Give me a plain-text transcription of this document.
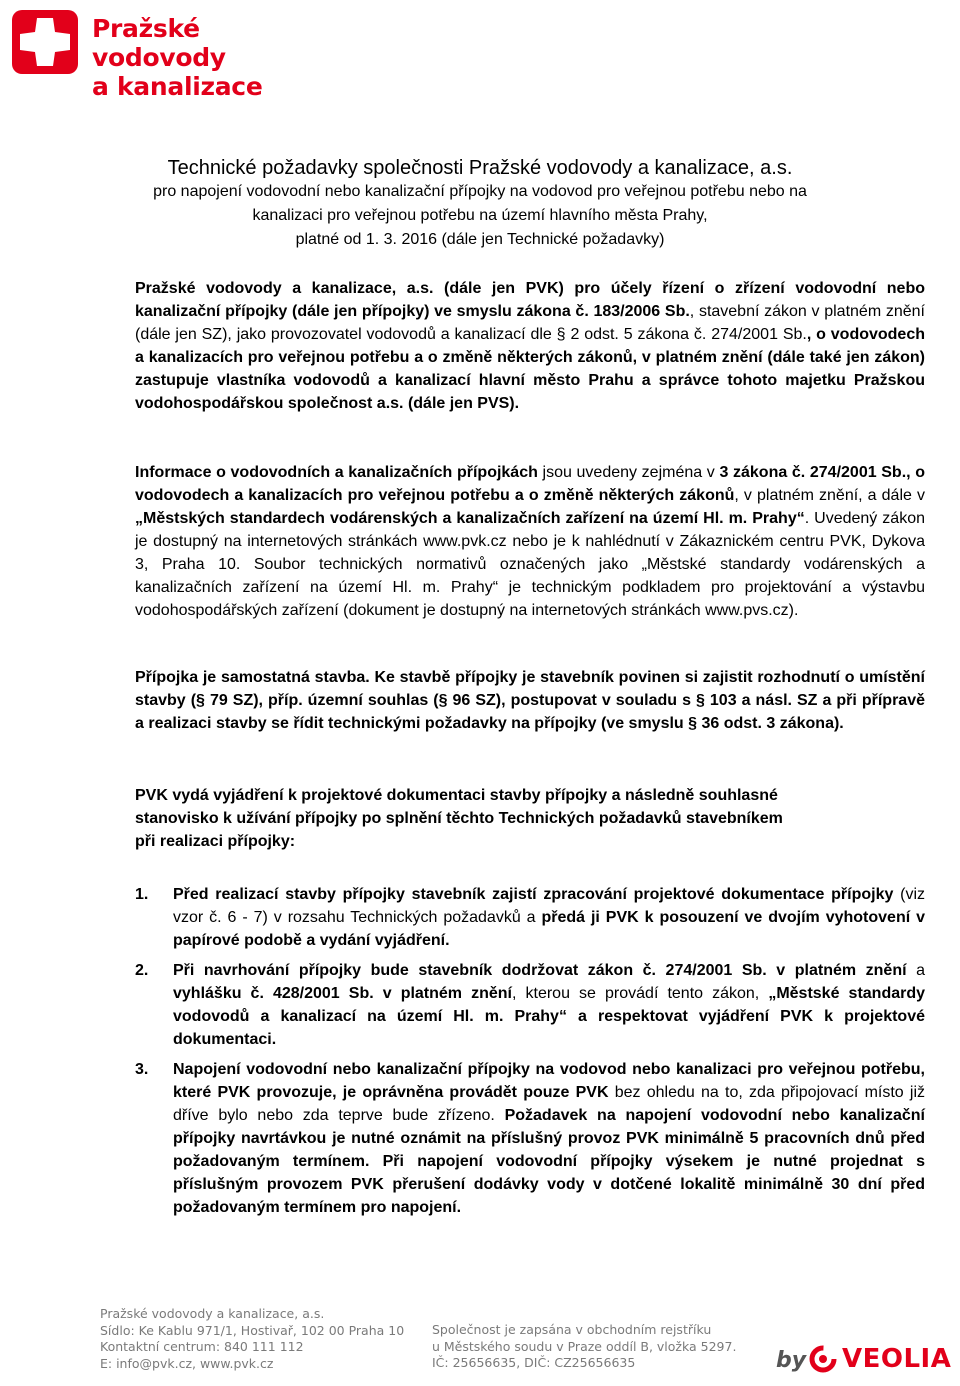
Pražské vodovody
a kanalizace
Technické požadavky společnosti Pražské vodovody a kanalizace, a.s.
pro napojení vodovodní nebo kanalizační přípojky na vodovod pro veřejnou potřebu nebo na
kanalizaci pro veřejnou potřebu na území hlavního města Prahy,
platné od 1. 3. 2016 (dále jen Technické požadavky)
Pražské vodovody a kanalizace, a.s. (dále jen PVK) pro účely řízení o zřízení vodovodní nebo kanalizační přípojky (dále jen přípojky) ve smyslu zákona č. 183/2006 Sb., stavební zákon v platném znění (dále jen SZ), jako provozovatel vodovodů a kanalizací dle § 2 odst. 5 zákona č. 274/2001 Sb., o vodovodech a kanalizacích pro veřejnou potřebu a o změně některých zákonů, v platném znění (dále také jen zákon) zastupuje vlastníka vodovodů a kanalizací hlavní město Prahu a správce tohoto majetku Pražskou vodohospodářskou společnost a.s. (dále jen PVS).
Informace o vodovodních a kanalizačních přípojkách jsou uvedeny zejména v 3 zákona č. 274/2001 Sb., o vodovodech a kanalizacích pro veřejnou potřebu a o změně některých zákonů, v platném znění, a dále v „Městských standardech vodárenských a kanalizačních zařízení na území Hl. m. Prahy“. Uvedený zákon je dostupný na internetových stránkách www.pvk.cz nebo je k nahlédnutí v Zákaznickém centru PVK, Dykova 3, Praha 10. Soubor technických normativů označených jako „Městské standardy vodárenských a kanalizačních zařízení na území Hl. m. Prahy“ je technickým podkladem pro projektování a výstavbu vodohospodářských zařízení (dokument je dostupný na internetových stránkách www.pvs.cz).
Přípojka je samostatná stavba. Ke stavbě přípojky je stavebník povinen si zajistit rozhodnutí o umístění stavby (§ 79 SZ), příp. územní souhlas (§ 96 SZ), postupovat v souladu s § 103 a násl. SZ a při přípravě a realizaci stavby se řídit technickými požadavky na přípojky (ve smyslu § 36 odst. 3 zákona).
PVK vydá vyjádření k projektové dokumentaci stavby přípojky a následně souhlasné
stanovisko k užívání přípojky po splnění těchto Technických požadavků stavebníkem
při realizaci přípojky:
1.	Před realizací stavby přípojky stavebník zajistí zpracování projektové dokumentace přípojky (viz vzor č. 6 - 7) v rozsahu Technických požadavků a předá ji PVK k posouzení ve dvojím vyhotovení v papírové podobě a vydání vyjádření.
2.	Při navrhování přípojky bude stavebník dodržovat zákon č. 274/2001 Sb. v platném znění a vyhlášku č. 428/2001 Sb. v platném znění, kterou se provádí tento zákon, „Městské standardy vodovodů a kanalizací na území Hl. m. Prahy“ a respektovat vyjádření PVK k projektové dokumentaci.
3.	Napojení vodovodní nebo kanalizační přípojky na vodovod nebo kanalizaci pro veřejnou potřebu, které PVK provozuje, je oprávněna provádět pouze PVK bez ohledu na to, zda připojovací místo již dříve bylo nebo zda teprve bude zřízeno. Požadavek na napojení vodovodní nebo kanalizační přípojky navrtávkou je nutné oznámit na příslušný provoz PVK minimálně 5 pracovních dnů před požadovaným termínem. Při napojení vodovodní přípojky výsekem je nutné projednat s příslušným provozem PVK přerušení dodávky vody v dotčené lokalitě minimálně 30 dní před požadovaným termínem pro napojení.
Pražské vodovody a kanalizace, a.s.
Sídlo: Ke Kablu 971/1, Hostivař, 102 00 Praha 10
Kontaktní centrum: 840 111 112
E: info@pvk.cz, www.pvk.cz
Společnost je zapsána v obchodním rejstříku
u Městského soudu v Praze oddíl B, vložka 5297.
IČ: 25656635, DIČ: CZ25656635	by VEOLIA
